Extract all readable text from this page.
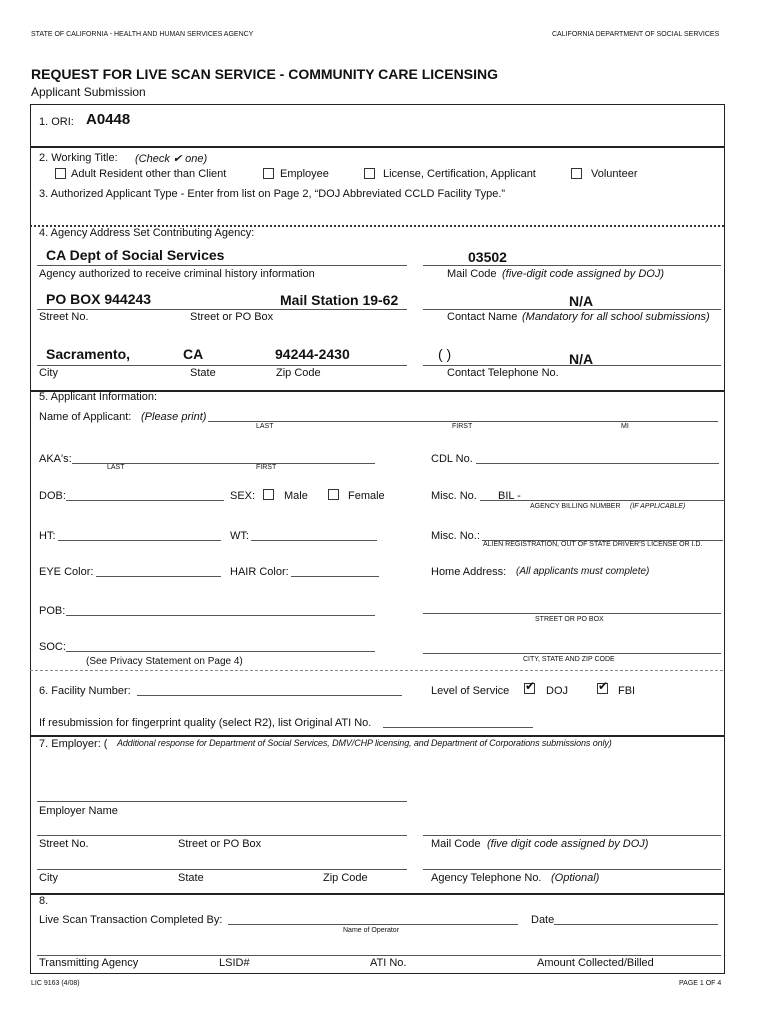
STATE OF CALIFORNIA - HEALTH AND HUMAN SERVICES AGENCY	CALIFORNIA DEPARTMENT OF SOCIAL SERVICES
REQUEST FOR LIVE SCAN SERVICE - COMMUNITY CARE LICENSING
Applicant Submission
1. ORI: A0448
2. Working Title: (Check ✔ one)
Adult Resident other than Client	Employee	License, Certification, Applicant	Volunteer
3. Authorized Applicant Type - Enter from list on Page 2, “DOJ Abbreviated CCLD Facility Type.”
4. Agency Address Set Contributing Agency:
CA Dept of Social Services
Agency authorized to receive criminal history information
03502
Mail Code (five-digit code assigned by DOJ)
PO BOX 944243	Mail Station 19-62	N/A
Street No.	Street or PO Box	Contact Name (Mandatory for all school submissions)
Sacramento,	CA	94244-2430	( )	N/A
City	State	Zip Code	Contact Telephone No.
5. Applicant Information:
Name of Applicant: (Please print)
LAST	FIRST	MI
AKA's:
LAST	FIRST
CDL No.
DOB:	SEX:	Male	Female	Misc. No. BIL -
AGENCY BILLING NUMBER (IF APPLICABLE)
HT:	WT:	Misc. No.:
ALIEN REGISTRATION, OUT OF STATE DRIVER'S LICENSE OR I.D.
EYE Color:	HAIR Color:	Home Address: (All applicants must complete)
POB:
STREET OR PO BOX
SOC:
(See Privacy Statement on Page 4)	CITY, STATE AND ZIP CODE
6. Facility Number:	Level of Service ✔ DOJ	✔ FBI
If resubmission for fingerprint quality (select R2), list Original ATI No.
7. Employer: ( Additional response for Department of Social Services, DMV/CHP licensing, and Department of Corporations submissions only)
Employer Name
Street No.	Street or PO Box	Mail Code (five digit code assigned by DOJ)
City	State	Zip Code	Agency Telephone No. (Optional)
8.
Live Scan Transaction Completed By:
Name of Operator
Date
Transmitting Agency	LSID#	ATI No.	Amount Collected/Billed
LIC 9163 (4/08)	PAGE 1 OF 4
